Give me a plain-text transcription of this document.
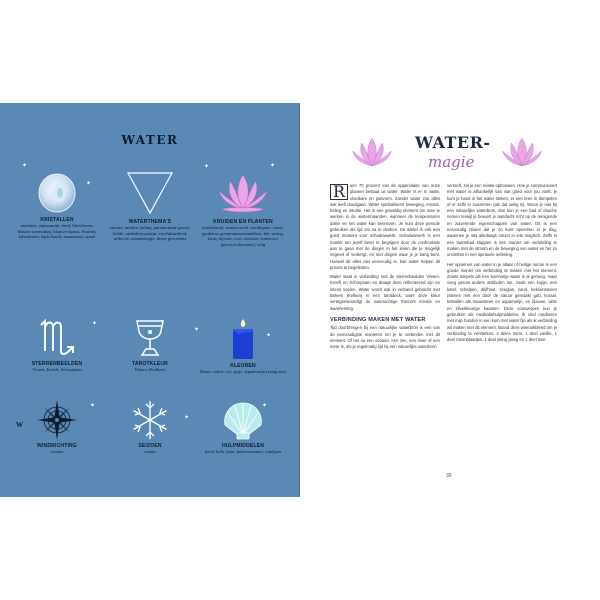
WATER
✦
✦
✦	✦
✦
✦
✦
✦
✦
✦
KRISTALLEN
amethist, aquamarijn, beril, bloedsteen, blauwe toermalijn, blauwe topaas, fluoriet, labradoriet, lapis lazuli, maansteen, opaal
WATERTHEMA'S
emotie, intuïtie, heling, paranormale gaven, liefde, onderbewustzijn, vruchtbaarheid, reflectie, maanenergie, diepe gevoelens
KRUIDEN EN PLANTEN
kattenkruid, smeerwortel, eucalyptus, varen, gardenia, geraniumrozenmelisse, hei, sering, lotus, bijvoet, roos, mowier, waterroos (gewoon bezimos), wilg
STERRENBEELDEN
Vissen, Kreeft, Schorpioen
TAROTKLEUR
Bekers (Kelken)
KLEUREN
blauw, zilver, wit, grijs, aquamarijn (zeegroen)
W
WINDRICHTING
westen
SEIZOEN
winter
HULPMIDDELEN
ketel, kelk, kom, heksenzoenen, schelpen
WATER-
magie

R	uim 70 procent van de oppervlakte van onze planeet bestaat uit water. Water is er in vaste, vloeibare en gasvorm. Zonder water zou alles wat leeft doodgaan. Water symboliseert beweging, emotie, heling en intuïtie. Het is een geweldig element om mee te werken in de wintermaanden, wanneer de temperaturen dalen en het water kan bevriezen. Je kunt deze periode gebruiken als tijd om na te denken. De winter is ook een goed moment voor schaduwwerk. Schaduwwerk is een manier om jezelf beter te begrijpen door de confrontatie aan te gaan met de dingen in het leven die je mogelijk negeert of verbergt, en met dingen waar je je bang bent. Hoewel dit alles niet eenvoudig is, kan water helpen dit proces te begeleiden.

Water staat in verbinding met de sterrenbeelden Vissen, Kreeft en Schorpioen en draagt deze reflecterend zijn en intens voelen. Water wordt ook in verband gebracht met Bekers (Kelken) in een tarotdeck, want deze kleur vertegenwoordigt de waterachtige thema's emotie en waarneming.

VERBINDING MAKEN MET WATER

Tijd doorbrengen bij een natuurlijke waterbron is een van de eenvoudigste manieren om je te verbinden met dit element. Of het nu een oceaan, een zee, een rivier of een meer is, als je regelmatig tijd bij een natuurlijke waterbron

vertoeft, zal je een relatie opbouwen. Hoe je communiceert met water is afhankelijk van wat goed voor jou voelt; je kunt je hand in het water steken, er een teen in dompelen of er zelfs in zwemmen (als dat veilig is). Woon je niet bij een natuurlijke waterbron, dan kun je een bad of douche nemen terwijl je bewust je aandacht richt op de reinigende en zuiverende eigenschappen van water. Dit is een eenvoudig ritueel dat je zo kunt opnemen in je dag, waarmee je iets alledaags omzet in iets magisch. Zelfs in een zwembad stappen is een manier om verbinding te maken met de stroom en de beweging van water en het zo omzetten in een spirituele oefening.

Het opnemen van water in je altaar of heilige ruimte is een goede manier om verbinding te maken met het element. Zoiets simpels als een kommetje water is al genoeg, maar voeg gerust andere attributen toe, zoals een kopje, een ketel, schelpen, drijfhout, zeeglas, zand, heksenstenen (stenen met een door de natuur gemaakt gat), koraal, kristallen als maansteen en aquamarijn, en blauwe, witte en zilverkleurige kaarsen. Deze voorwerpen kun je gebruiken als meditatiehulpmiddelen. Ik vind mediteren met mijn handen in een kom met water fijn als ik verbinding wil maken met dit element. Brand deze wierookblend om je verbinding te versterken: 2 delen mirre, 1 deel vanille, 1 deel rozenblaadjes, 1 deel ylang ylang en 1 deel lime.

39
